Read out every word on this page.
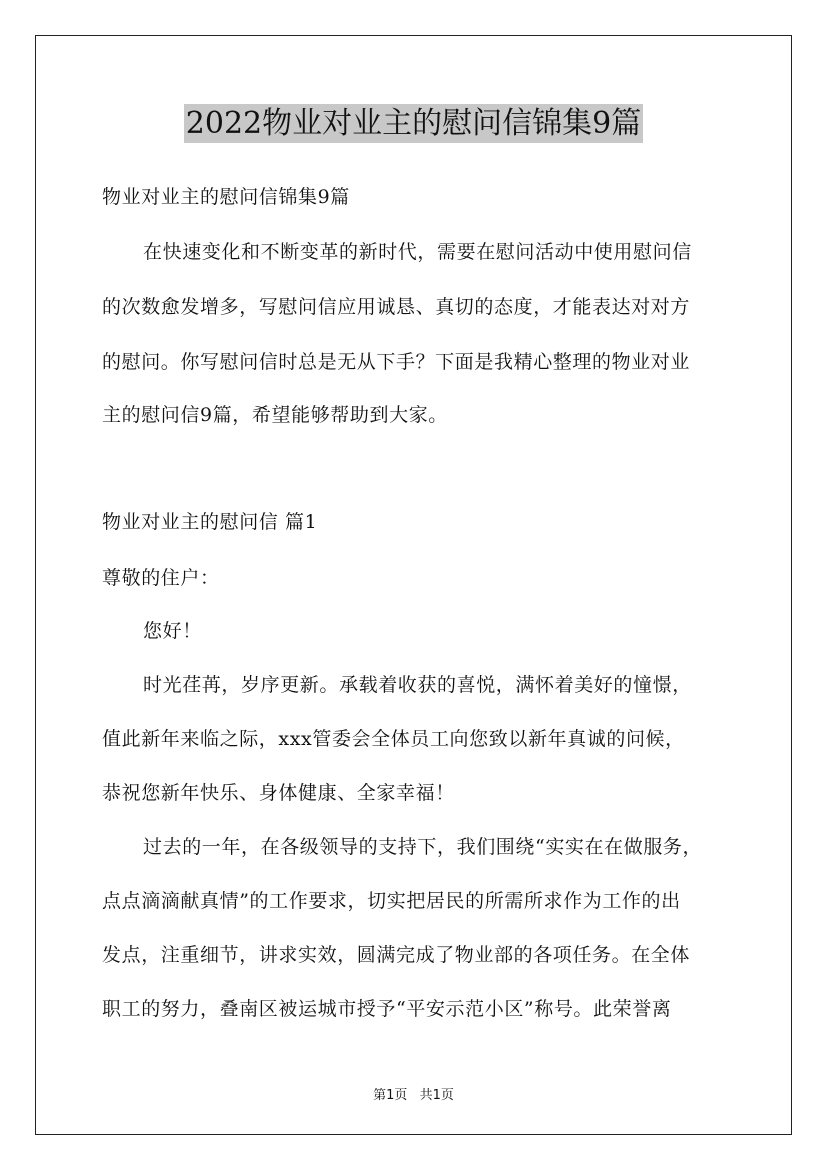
2022物业对业主的慰问信锦集9篇
物业对业主的慰问信锦集9篇
在快速变化和不断变革的新时代，需要在慰问活动中使用慰问信
的次数愈发增多，写慰问信应用诚恳、真切的态度，才能表达对对方
的慰问。你写慰问信时总是无从下手？下面是我精心整理的物业对业
主的慰问信9篇，希望能够帮助到大家。
物业对业主的慰问信 篇1
尊敬的住户：
您好！
时光荏苒，岁序更新。承载着收获的喜悦，满怀着美好的憧憬，
值此新年来临之际，xxx管委会全体员工向您致以新年真诚的问候，
恭祝您新年快乐、身体健康、全家幸福！
过去的一年，在各级领导的支持下，我们围绕“实实在在做服务，
点点滴滴献真情”的工作要求，切实把居民的所需所求作为工作的出
发点，注重细节，讲求实效，圆满完成了物业部的各项任务。在全体
职工的努力，叠南区被运城市授予“平安示范小区”称号。此荣誉离
第1页 共1页
